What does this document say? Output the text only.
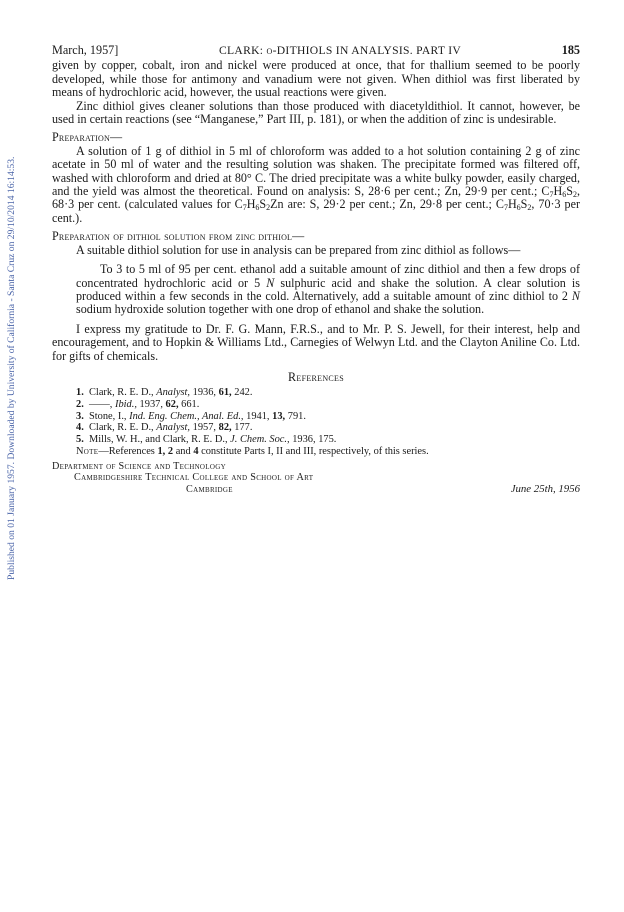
Published on 01 January 1957. Downloaded by University of California - Santa Cruz on 29/10/2014 16:14:53.
March, 1957]	CLARK: o-DITHIOLS IN ANALYSIS. PART IV	185

given by copper, cobalt, iron and nickel were produced at once, that for thallium seemed to be poorly developed, while those for antimony and vanadium were not given. When dithiol was first liberated by means of hydrochloric acid, however, the usual reactions were given.

Zinc dithiol gives cleaner solutions than those produced with diacetyldithiol. It cannot, however, be used in certain reactions (see “Manganese,” Part III, p. 181), or when the addition of zinc is undesirable.

Preparation—

A solution of 1 g of dithiol in 5 ml of chloroform was added to a hot solution containing 2 g of zinc acetate in 50 ml of water and the resulting solution was shaken. The precipitate formed was filtered off, washed with chloroform and dried at 80° C. The dried precipitate was a white bulky powder, easily charged, and the yield was almost the theoretical. Found on analysis: S, 28·6 per cent.; Zn, 29·9 per cent.; $C_7H_6S_2$, 68·3 per cent. (calculated values for $C_7H_6S_2Zn$ are: S, 29·2 per cent.; Zn, 29·8 per cent.; $C_7H_6S_2$, 70·3 per cent.).

Preparation of dithiol solution from zinc dithiol—

A suitable dithiol solution for use in analysis can be prepared from zinc dithiol as follows—

To 3 to 5 ml of 95 per cent. ethanol add a suitable amount of zinc dithiol and then a few drops of concentrated hydrochloric acid or 5 N sulphuric acid and shake the solution. A clear solution is produced within a few seconds in the cold. Alternatively, add a suitable amount of zinc dithiol to 2 N sodium hydroxide solution together with one drop of ethanol and shake the solution.

I express my gratitude to Dr. F. G. Mann, F.R.S., and to Mr. P. S. Jewell, for their interest, help and encouragement, and to Hopkin & Williams Ltd., Carnegies of Welwyn Ltd. and the Clayton Aniline Co. Ltd. for gifts of chemicals.

References
1. Clark, R. E. D., Analyst, 1936, 61, 242.
2. ——, Ibid., 1937, 62, 661.
3. Stone, I., Ind. Eng. Chem., Anal. Ed., 1941, 13, 791.
4. Clark, R. E. D., Analyst, 1957, 82, 177.
5. Mills, W. H., and Clark, R. E. D., J. Chem. Soc., 1936, 175.
Note—References 1, 2 and 4 constitute Parts I, II and III, respectively, of this series.
Department of Science and Technology
Cambridgeshire Technical College and School of Art
Cambridge	June 25th, 1956
